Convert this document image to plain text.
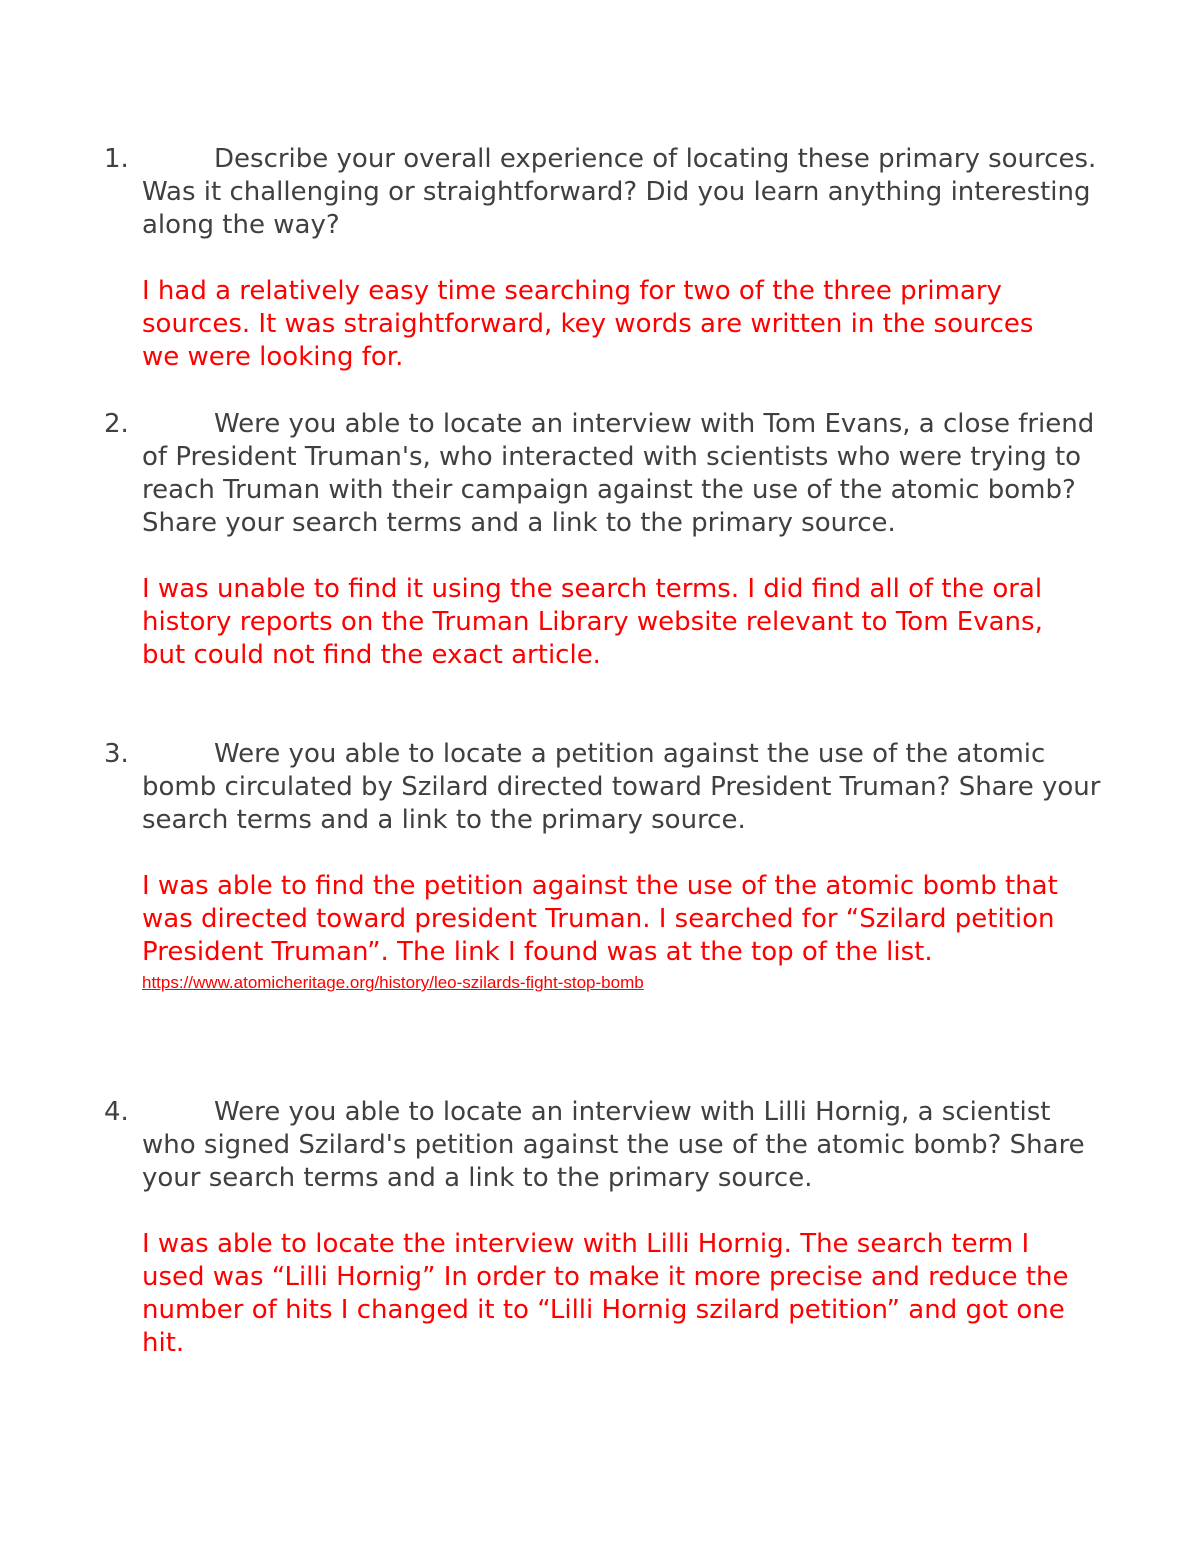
1.	Describe your overall experience of locating these primary sources. Was it challenging or straightforward? Did you learn anything interesting along the way?

I had a relatively easy time searching for two of the three primary sources. It was straightforward, key words are written in the sources we were looking for.

2.	Were you able to locate an interview with Tom Evans, a close friend of President Truman's, who interacted with scientists who were trying to reach Truman with their campaign against the use of the atomic bomb? Share your search terms and a link to the primary source.

I was unable to find it using the search terms. I did find all of the oral history reports on the Truman Library website relevant to Tom Evans, but could not find the exact article.

3.	Were you able to locate a petition against the use of the atomic bomb circulated by Szilard directed toward President Truman? Share your search terms and a link to the primary source.

I was able to find the petition against the use of the atomic bomb that was directed toward president Truman. I searched for “Szilard petition President Truman”. The link I found was at the top of the list.

https://www.atomicheritage.org/history/leo-szilards-fight-stop-bomb
4.	Were you able to locate an interview with Lilli Hornig, a scientist who signed Szilard's petition against the use of the atomic bomb? Share your search terms and a link to the primary source.

I was able to locate the interview with Lilli Hornig. The search term I used was “Lilli Hornig” In order to make it more precise and reduce the number of hits I changed it to “Lilli Hornig szilard petition” and got one hit.
